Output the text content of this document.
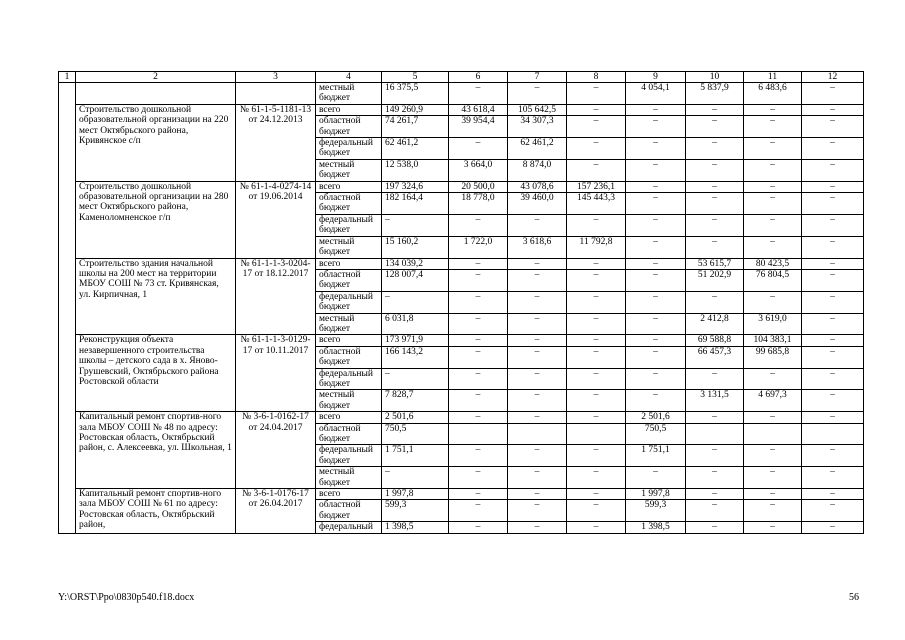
1	2	3	4	5	6	7	8	9	10	11	12
			местный бюджет	16 375,5	–	–	–	4 054,1	5 837,9	6 483,6	–
	Строительство дошкольной образовательной организации на 220 мест Октябрьского района, Кривянское с/п	№ 61-1-5-1181-13 от 24.12.2013	всего	149 260,9	43 618,4	105 642,5	–	–	–	–	–
			областной бюджет	74 261,7	39 954,4	34 307,3	–	–	–	–	–
			федеральный бюджет	62 461,2	–	62 461,2	–	–	–	–	–
			местный бюджет	12 538,0	3 664,0	8 874,0	–	–	–	–	–
	Строительство дошкольной образовательной организации на 280 мест Октябрьского района, Каменоломненское г/п	№ 61-1-4-0274-14 от 19.06.2014	всего	197 324,6	20 500,0	43 078,6	157 236,1	–	–	–	–
			областной бюджет	182 164,4	18 778,0	39 460,0	145 443,3	–	–	–	–
			федеральный бюджет	–	–	–	–	–	–	–	–
			местный бюджет	15 160,2	1 722,0	3 618,6	11 792,8	–	–	–	–
	Строительство здания начальной школы на 200 мест на территории МБОУ СОШ № 73 ст. Кривянская, ул. Кирпичная, 1	№ 61-1-1-3-0204-17 от 18.12.2017	всего	134 039,2	–	–	–	–	53 615,7	80 423,5	–
			областной бюджет	128 007,4	–	–	–	–	51 202,9	76 804,5	–
			федеральный бюджет	–	–	–	–	–	–	–	–
			местный бюджет	6 031,8	–	–	–	–	2 412,8	3 619,0	–
	Реконструкция объекта незавершенного строительства школы – детского сада в х. Яново-Грушевский, Октябрьского района Ростовской области	№ 61-1-1-3-0129-17 от 10.11.2017	всего	173 971,9	–	–	–	–	69 588,8	104 383,1	–
			областной бюджет	166 143,2	–	–	–	–	66 457,3	99 685,8	–
			федеральный бюджет	–	–	–	–	–	–	–	–
			местный бюджет	7 828,7	–	–	–	–	3 131,5	4 697,3	–
	Капитальный ремонт спортив-ного зала МБОУ СОШ № 48 по адресу: Ростовская область, Октябрьский район, с. Алексеевка, ул. Школьная, 1	№ 3-6-1-0162-17 от 24.04.2017	всего	2 501,6	–	–	–	2 501,6	–	–	–
			областной бюджет	750,5				750,5			
			федеральный бюджет	1 751,1	–	–	–	1 751,1	–	–	–
			местный бюджет	–	–	–	–	–	–	–	–
	Капитальный ремонт спортив-ного зала МБОУ СОШ № 61 по адресу: Ростовская область, Октябрьский район,	№ 3-6-1-0176-17 от 26.04.2017	всего	1 997,8	–	–	–	1 997,8	–	–	–
			областной бюджет	599,3	–	–	–	599,3	–	–	–
			федеральный	1 398,5	–	–	–	1 398,5	–	–	–
Y:\ORST\Ppo\0830p540.f18.docx	56
